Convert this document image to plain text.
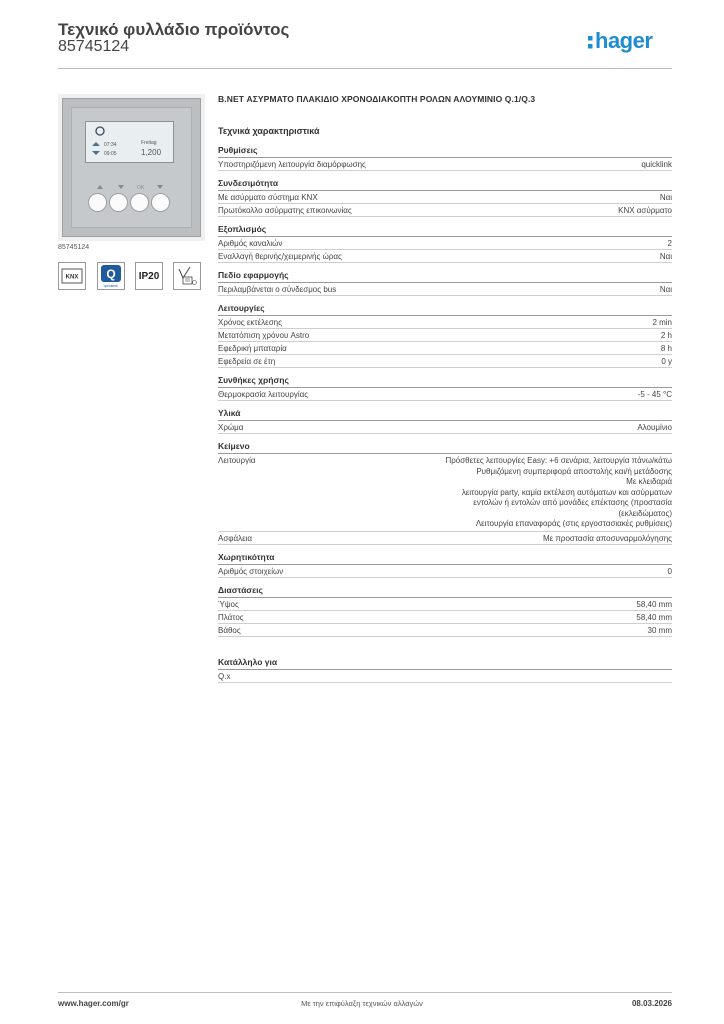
Τεχνικό φυλλάδιο προϊόντος
85745124	hager
07:34
09:05
Freitag
1,200
OK
85745124
KNX Q
quicklink
IP20
B.NET ΑΣΥΡΜΑΤΟ ΠΛΑΚΙΔΙΟ ΧΡΟΝΟΔΙΑΚΟΠΤΗ ΡΟΛΩΝ ΑΛΟΥΜΙΝΙΟ Q.1/Q.3
Τεχνικά χαρακτηριστικά
Ρυθμίσεις
Υποστηριζόμενη λειτουργία διαμόρφωσης	quicklink
Συνδεσιμότητα
Με ασύρματο σύστημα KNX	Ναι
Πρωτόκολλο ασύρματης επικοινωνίας	KNX ασύρματο
Εξοπλισμός
Αριθμός καναλιών	2
Εναλλαγή θερινής/χειμερινής ώρας	Ναι
Πεδίο εφαρμογής
Περιλαμβάνεται ο σύνδεσμος bus	Ναι
Λειτουργίες
Χρόνος εκτέλεσης	2 min
Μετατόπιση χρόνου Astro	2 h
Εφεδρική μπαταρία	8 h
Εφεδρεία σε έτη	0 y
Συνθήκες χρήσης
Θερμοκρασία λειτουργίας	-5 - 45 °C
Υλικά
Χρώμα	Αλουμίνιο
Κείμενο
Λειτουργία	Πρόσθετες λειτουργίες Easy: +6 σενάρια, λειτουργία πάνω/κάτω
Ρυθμιζόμενη συμπεριφορά αποστολής και/ή μετάδοσης
Με κλειδαριά
λειτουργία party, καμία εκτέλεση αυτόματων και ασύρματων
εντολών ή εντολών από μονάδες επέκτασης (προστασία
(εκλειδώματος)
Λειτουργία επαναφοράς (στις εργοστασιακές ρυθμίσεις)
Ασφάλεια	Με προστασία αποσυναρμολόγησης
Χωρητικότητα
Αριθμός στοιχείων	0
Διαστάσεις
Ύψος	58,40 mm
Πλάτος	58,40 mm
Βάθος	30 mm
Κατάλληλο για
Q.x
www.hager.com/gr	Με την επιφύλαξη τεχνικών αλλαγών	08.03.2026
